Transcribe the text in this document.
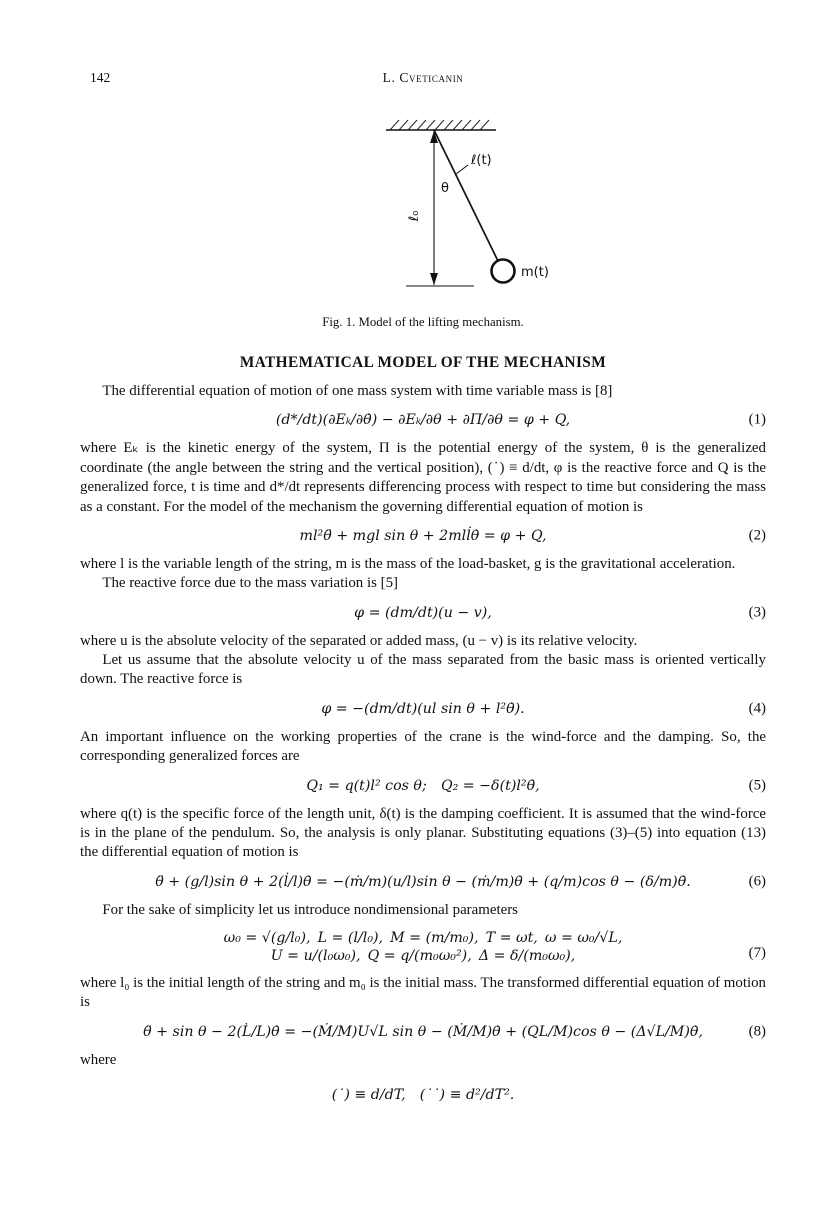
142	L. Cveticanin
ℓ(t)
θ
ℓ₀
m(t)
Fig. 1. Model of the lifting mechanism.
MATHEMATICAL MODEL OF THE MECHANISM

The differential equation of motion of one mass system with time variable mass is [8]

(d*/dt)(∂Eₖ/∂θ̇) − ∂Eₖ/∂θ + ∂Π/∂θ = φ + Q,	(1)

where Eₖ is the kinetic energy of the system, Π is the potential energy of the system, θ is the generalized coordinate (the angle between the string and the vertical position), (˙) ≡ d/dt, φ is the reactive force and Q is the generalized force, t is time and d*/dt represents differencing process with respect to time but considering the mass as a constant. For the model of the mechanism the governing differential equation of motion is

ml²θ̈ + mgl sin θ + 2mll̇θ̇ = φ + Q,	(2)

where l is the variable length of the string, m is the mass of the load-basket, g is the gravitational acceleration.

The reactive force due to the mass variation is [5]

φ = (dm/dt)(u − v),	(3)

where u is the absolute velocity of the separated or added mass, (u − v) is its relative velocity.

Let us assume that the absolute velocity u of the mass separated from the basic mass is oriented vertically down. The reactive force is

φ = −(dm/dt)(ul sin θ + l²θ̇).	(4)

An important influence on the working properties of the crane is the wind-force and the damping. So, the corresponding generalized forces are

Q₁ = q(t)l² cos θ; Q₂ = −δ(t)l²θ̇,	(5)

where q(t) is the specific force of the length unit, δ(t) is the damping coefficient. It is assumed that the wind-force is in the plane of the pendulum. So, the analysis is only planar. Substituting equations (3)–(5) into equation (13) the differential equation of motion is

θ̈ + (g/l)sin θ + 2(l̇/l)θ̇ = −(ṁ/m)(u/l)sin θ − (ṁ/m)θ̇ + (q/m)cos θ − (δ/m)θ̇.	(6)

For the sake of simplicity let us introduce nondimensional parameters

ω₀ = √(g/l₀), L = (l/l₀), M = (m/m₀), T = ωt, ω = ω₀/√L,
U = u/(l₀ω₀), Q = q/(m₀ω₀²), Δ = δ/(m₀ω₀),	(7)

where l₀ is the initial length of the string and m₀ is the initial mass. The transformed differential equation of motion is

θ̈ + sin θ − 2(L̇/L)θ̇ = −(Ṁ/M)U√L sin θ − (Ṁ/M)θ̇ + (QL/M)cos θ − (Δ√L/M)θ̇,	(8)

where

(˙) ≡ d/dT, (˙˙) ≡ d²/dT².
